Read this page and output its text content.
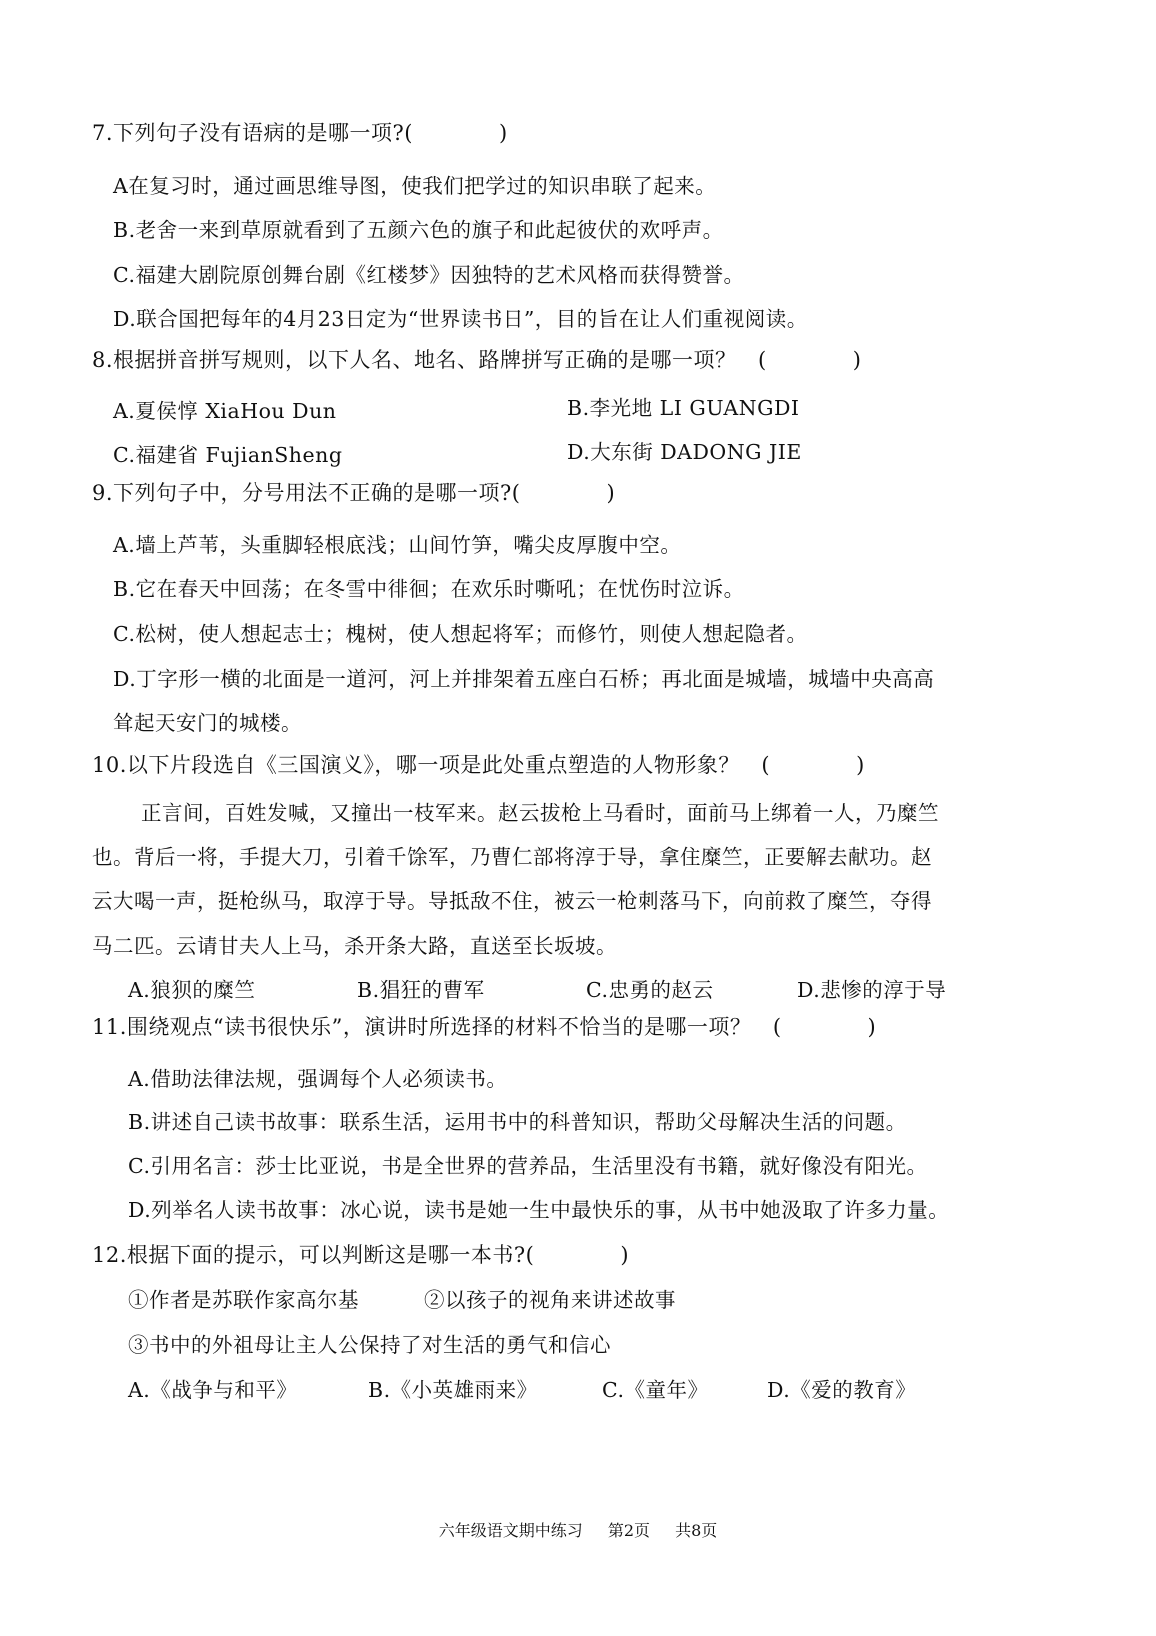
7.下列句子没有语病的是哪一项?(　　　　)
A在复习时，通过画思维导图，使我们把学过的知识串联了起来。
B.老舍一来到草原就看到了五颜六色的旗子和此起彼伏的欢呼声。
C.福建大剧院原创舞台剧《红楼梦》因独特的艺术风格而获得赞誉。
D.联合国把每年的4月23日定为“世界读书日”，目的旨在让人们重视阅读。
8.根据拼音拼写规则，以下人名、地名、路牌拼写正确的是哪一项？　(　　　　)
A.夏侯惇 XiaHou Dun	B.李光地 LI GUANGDI
C.福建省 FujianSheng	D.大东街 DADONG JIE
9.下列句子中，分号用法不正确的是哪一项?(　　　　)
A.墙上芦苇，头重脚轻根底浅；山间竹笋，嘴尖皮厚腹中空。
B.它在春天中回荡；在冬雪中徘徊；在欢乐时嘶吼；在忧伤时泣诉。
C.松树，使人想起志士；槐树，使人想起将军；而修竹，则使人想起隐者。
D.丁字形一横的北面是一道河，河上并排架着五座白石桥；再北面是城墙，城墙中央高高
耸起天安门的城楼。
10.以下片段选自《三国演义》，哪一项是此处重点塑造的人物形象？　(　　　　)
正言间，百姓发喊，又撞出一枝军来。赵云拔枪上马看时，面前马上绑着一人，乃糜竺
也。背后一将，手提大刀，引着千馀军，乃曹仁部将淳于导，拿住糜竺，正要解去献功。赵
云大喝一声，挺枪纵马，取淳于导。导抵敌不住，被云一枪刺落马下，向前救了糜竺，夺得
马二匹。云请甘夫人上马，杀开条大路，直送至长坂坡。
A.狼狈的糜竺	B.猖狂的曹军	C.忠勇的赵云	D.悲惨的淳于导
11.围绕观点“读书很快乐”，演讲时所选择的材料不恰当的是哪一项？　(　　　　)
A.借助法律法规，强调每个人必须读书。
B.讲述自己读书故事：联系生活，运用书中的科普知识，帮助父母解决生活的问题。
C.引用名言：莎士比亚说，书是全世界的营养品，生活里没有书籍，就好像没有阳光。
D.列举名人读书故事：冰心说，读书是她一生中最快乐的事，从书中她汲取了许多力量。
12.根据下面的提示，可以判断这是哪一本书?(　　　　)
①作者是苏联作家高尔基	②以孩子的视角来讲述故事
③书中的外祖母让主人公保持了对生活的勇气和信心
A.《战争与和平》	B.《小英雄雨来》	C.《童年》	D.《爱的教育》
六年级语文期中练习 第2页 共8页
